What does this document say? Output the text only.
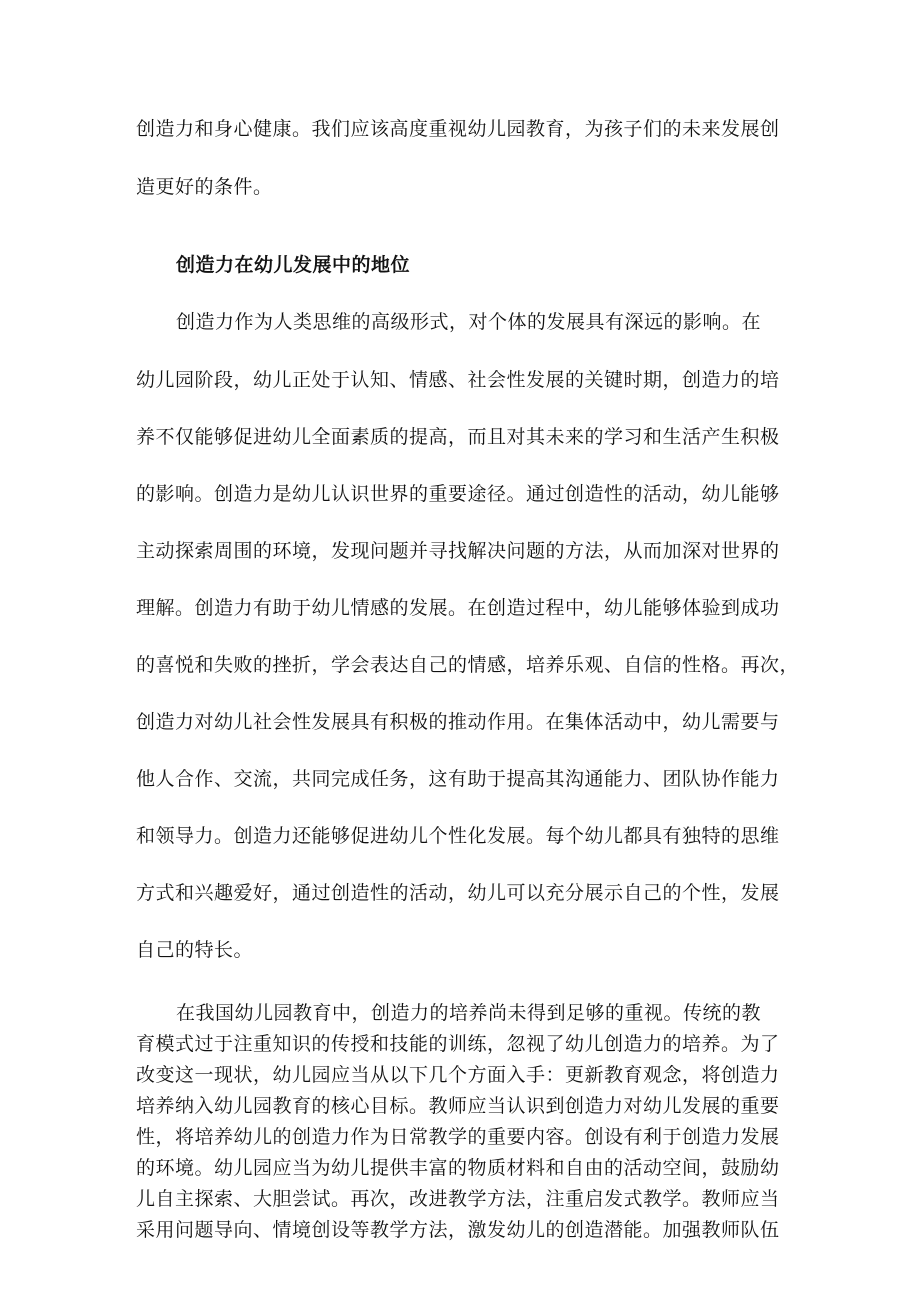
创造力和身心健康。我们应该高度重视幼儿园教育，为孩子们的未来发展创
造更好的条件。
创造力在幼儿发展中的地位
创造力作为人类思维的高级形式，对个体的发展具有深远的影响。在
幼儿园阶段，幼儿正处于认知、情感、社会性发展的关键时期，创造力的培
养不仅能够促进幼儿全面素质的提高，而且对其未来的学习和生活产生积极
的影响。创造力是幼儿认识世界的重要途径。通过创造性的活动，幼儿能够
主动探索周围的环境，发现问题并寻找解决问题的方法，从而加深对世界的
理解。创造力有助于幼儿情感的发展。在创造过程中，幼儿能够体验到成功
的喜悦和失败的挫折，学会表达自己的情感，培养乐观、自信的性格。再次，
创造力对幼儿社会性发展具有积极的推动作用。在集体活动中，幼儿需要与
他人合作、交流，共同完成任务，这有助于提高其沟通能力、团队协作能力
和领导力。创造力还能够促进幼儿个性化发展。每个幼儿都具有独特的思维
方式和兴趣爱好，通过创造性的活动，幼儿可以充分展示自己的个性，发展
自己的特长。
在我国幼儿园教育中，创造力的培养尚未得到足够的重视。传统的教
育模式过于注重知识的传授和技能的训练，忽视了幼儿创造力的培养。为了
改变这一现状，幼儿园应当从以下几个方面入手：更新教育观念，将创造力
培养纳入幼儿园教育的核心目标。教师应当认识到创造力对幼儿发展的重要
性，将培养幼儿的创造力作为日常教学的重要内容。创设有利于创造力发展
的环境。幼儿园应当为幼儿提供丰富的物质材料和自由的活动空间，鼓励幼
儿自主探索、大胆尝试。再次，改进教学方法，注重启发式教学。教师应当
采用问题导向、情境创设等教学方法，激发幼儿的创造潜能。加强教师队伍
